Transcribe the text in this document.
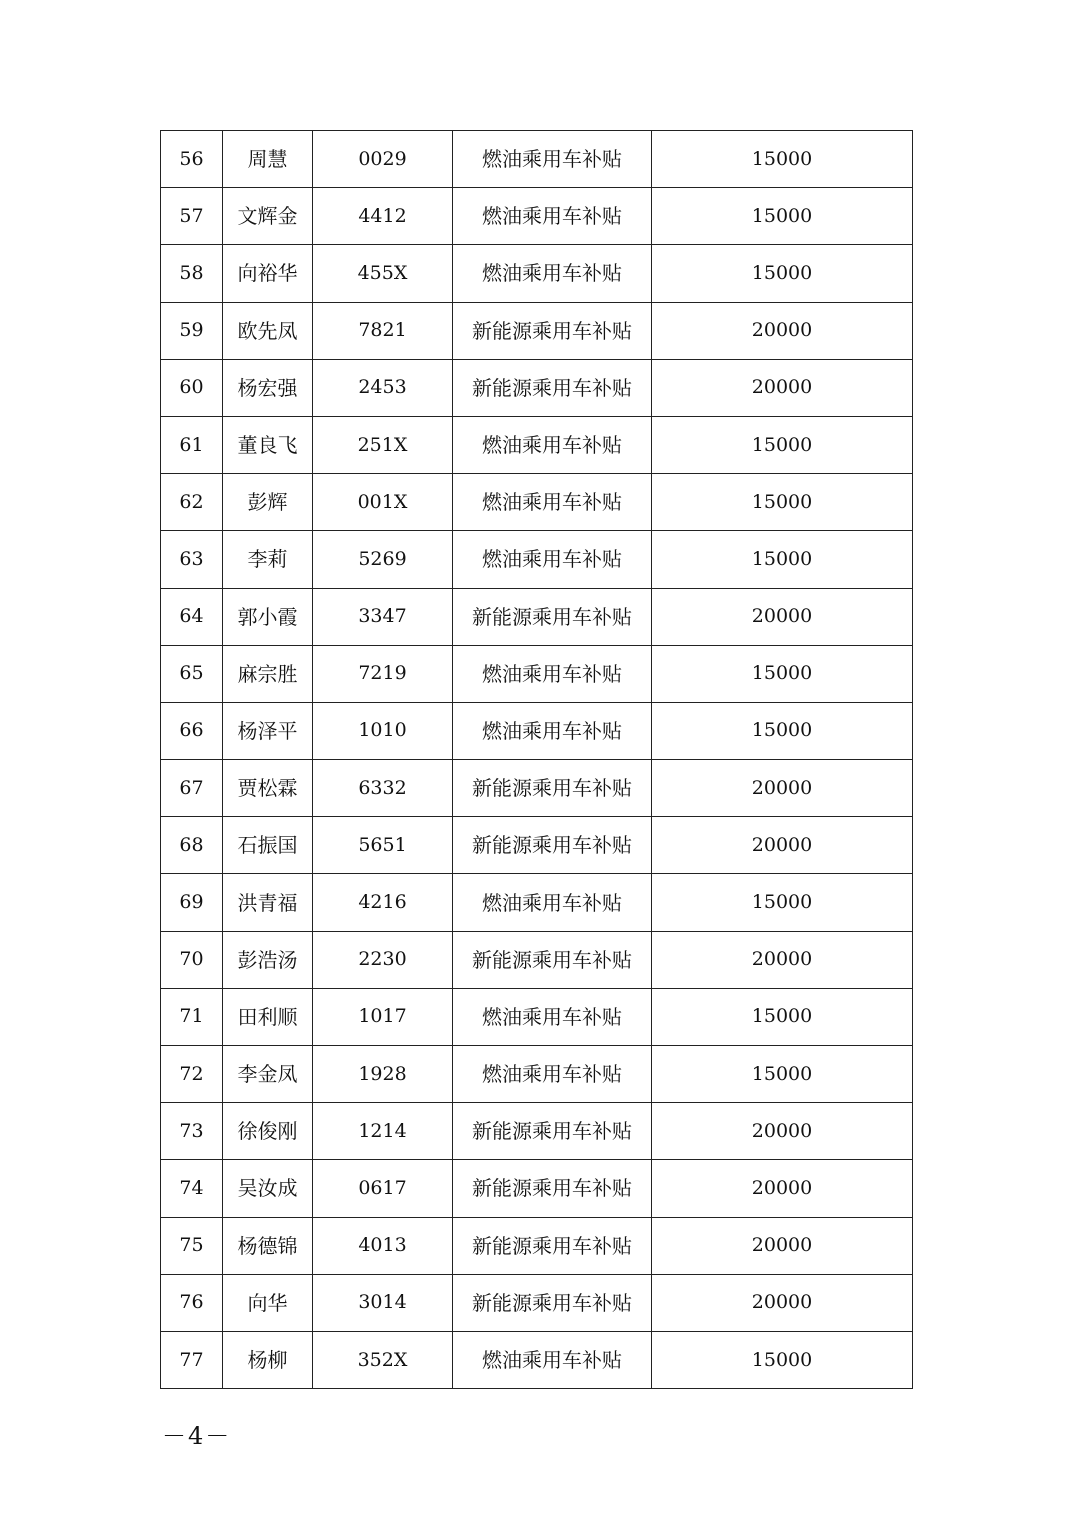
56	周慧	0029	燃油乘用车补贴	15000
57	文辉金	4412	燃油乘用车补贴	15000
58	向裕华	455X	燃油乘用车补贴	15000
59	欧先凤	7821	新能源乘用车补贴	20000
60	杨宏强	2453	新能源乘用车补贴	20000
61	董良飞	251X	燃油乘用车补贴	15000
62	彭辉	001X	燃油乘用车补贴	15000
63	李莉	5269	燃油乘用车补贴	15000
64	郭小霞	3347	新能源乘用车补贴	20000
65	麻宗胜	7219	燃油乘用车补贴	15000
66	杨泽平	1010	燃油乘用车补贴	15000
67	贾松霖	6332	新能源乘用车补贴	20000
68	石振国	5651	新能源乘用车补贴	20000
69	洪青福	4216	燃油乘用车补贴	15000
70	彭浩汤	2230	新能源乘用车补贴	20000
71	田利顺	1017	燃油乘用车补贴	15000
72	李金凤	1928	燃油乘用车补贴	15000
73	徐俊刚	1214	新能源乘用车补贴	20000
74	吴汝成	0617	新能源乘用车补贴	20000
75	杨德锦	4013	新能源乘用车补贴	20000
76	向华	3014	新能源乘用车补贴	20000
77	杨柳	352X	燃油乘用车补贴	15000
－4－
